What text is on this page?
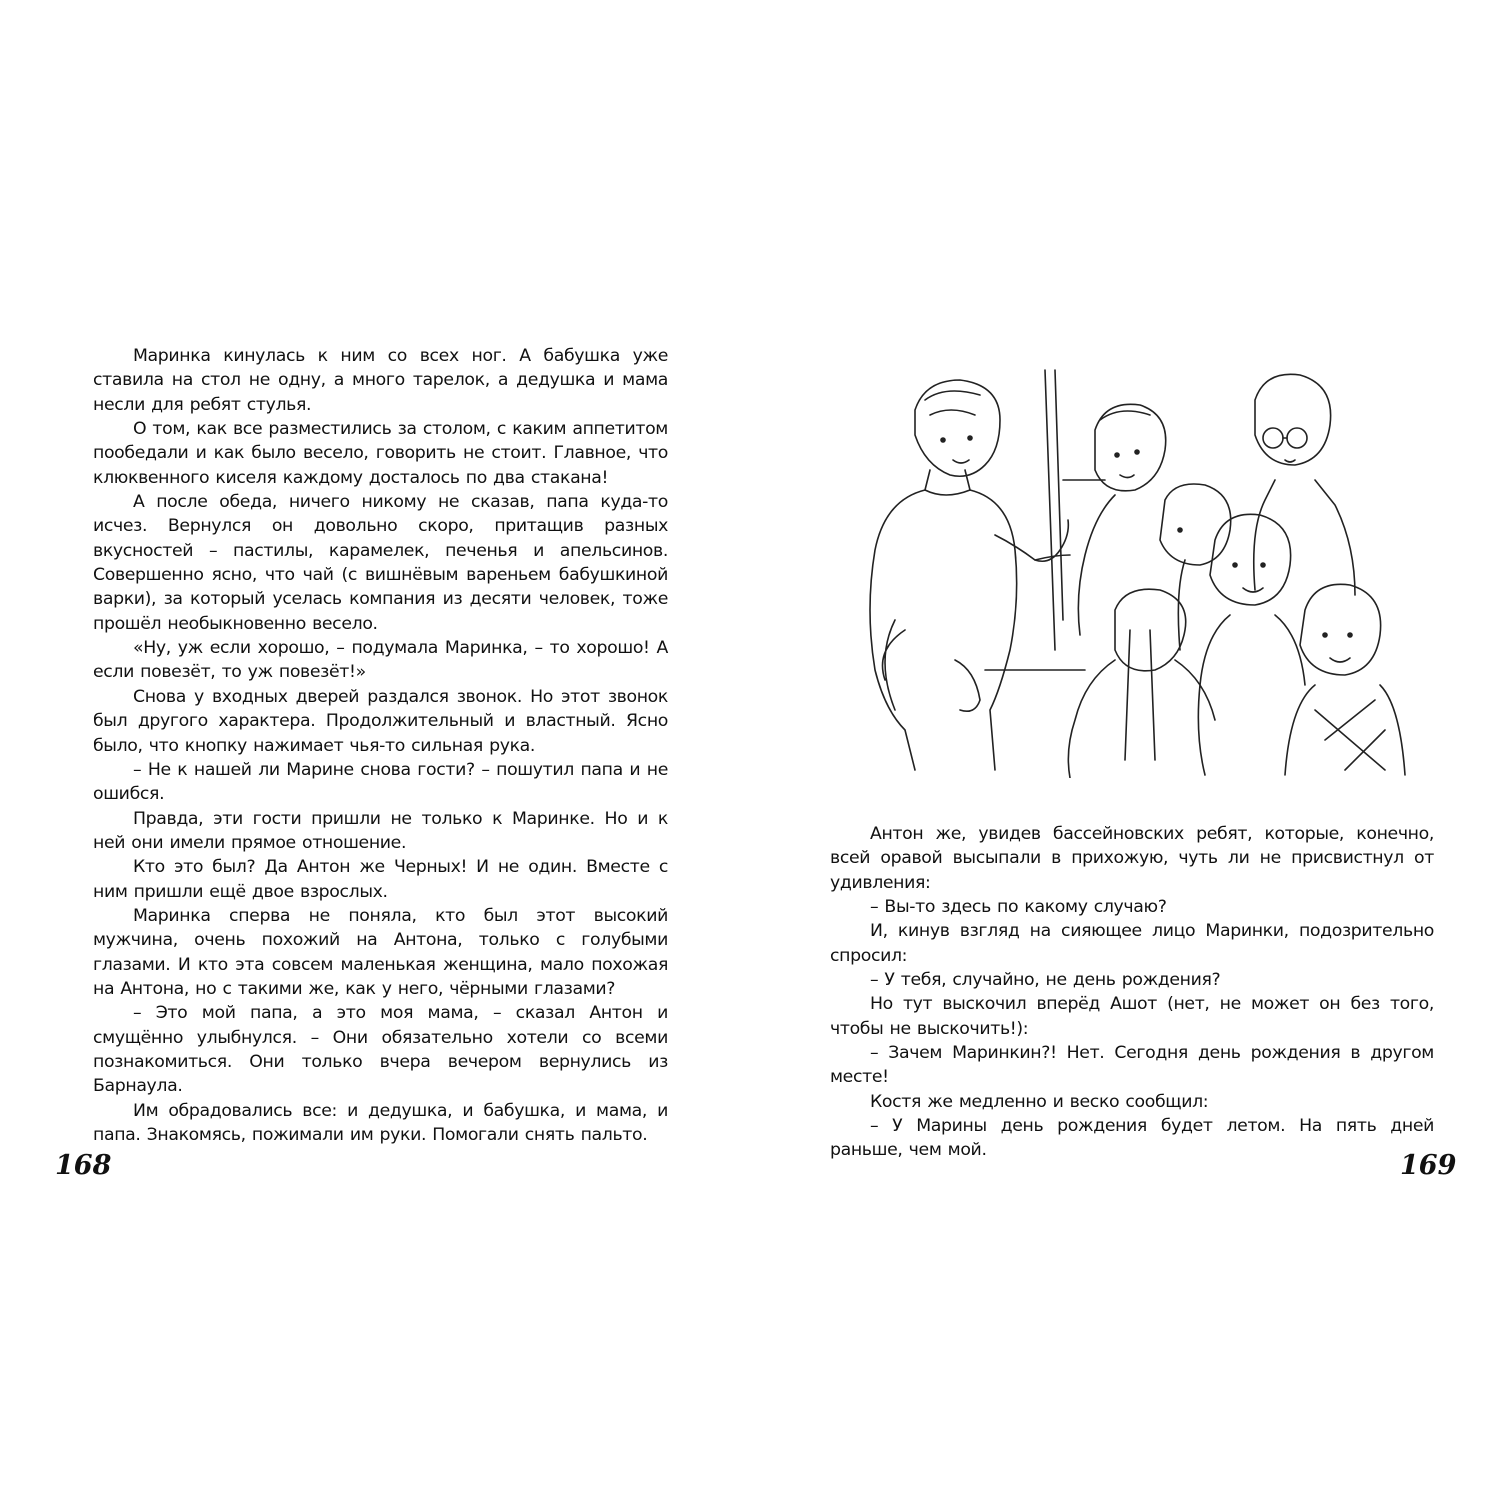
Маринка кинулась к ним со всех ног. А бабушка уже ставила на стол не одну, а много тарелок, а дедушка и мама несли для ребят стулья.

О том, как все разместились за столом, с каким аппетитом пообедали и как было весело, говорить не стоит. Главное, что клюквенного киселя каждому досталось по два стакана!

А после обеда, ничего никому не сказав, папа куда-то исчез. Вернулся он довольно скоро, притащив разных вкусностей – пастилы, карамелек, печенья и апельсинов. Совершенно ясно, что чай (с вишнёвым вареньем бабушкиной варки), за который уселась компания из десяти человек, тоже прошёл необыкновенно весело.

«Ну, уж если хорошо, – подумала Маринка, – то хорошо! А если повезёт, то уж повезёт!»

Снова у входных дверей раздался звонок. Но этот звонок был другого характера. Продолжительный и властный. Ясно было, что кнопку нажимает чья-то сильная рука.

– Не к нашей ли Марине снова гости? – пошутил папа и не ошибся.

Правда, эти гости пришли не только к Маринке. Но и к ней они имели прямое отношение.

Кто это был? Да Антон же Черных! И не один. Вместе с ним пришли ещё двое взрослых.

Маринка сперва не поняла, кто был этот высокий мужчина, очень похожий на Антона, только с голубыми глазами. И кто эта совсем маленькая женщина, мало похожая на Антона, но с такими же, как у него, чёрными глазами?

– Это мой папа, а это моя мама, – сказал Антон и смущённо улыбнулся. – Они обязательно хотели со всеми познакомиться. Они только вчера вечером вернулись из Барнаула.

Им обрадовались все: и дедушка, и бабушка, и мама, и папа. Знакомясь, пожимали им руки. Помогали снять пальто.

168

Антон же, увидев бассейновских ребят, которые, конечно, всей оравой высыпали в прихожую, чуть ли не присвистнул от удивления:

– Вы-то здесь по какому случаю?

И, кинув взгляд на сияющее лицо Маринки, подозрительно спросил:

– У тебя, случайно, не день рождения?

Но тут выскочил вперёд Ашот (нет, не может он без того, чтобы не выскочить!):

– Зачем Маринкин?! Нет. Сегодня день рождения в другом месте!

Костя же медленно и веско сообщил:

– У Марины день рождения будет летом. На пять дней раньше, чем мой.	169
